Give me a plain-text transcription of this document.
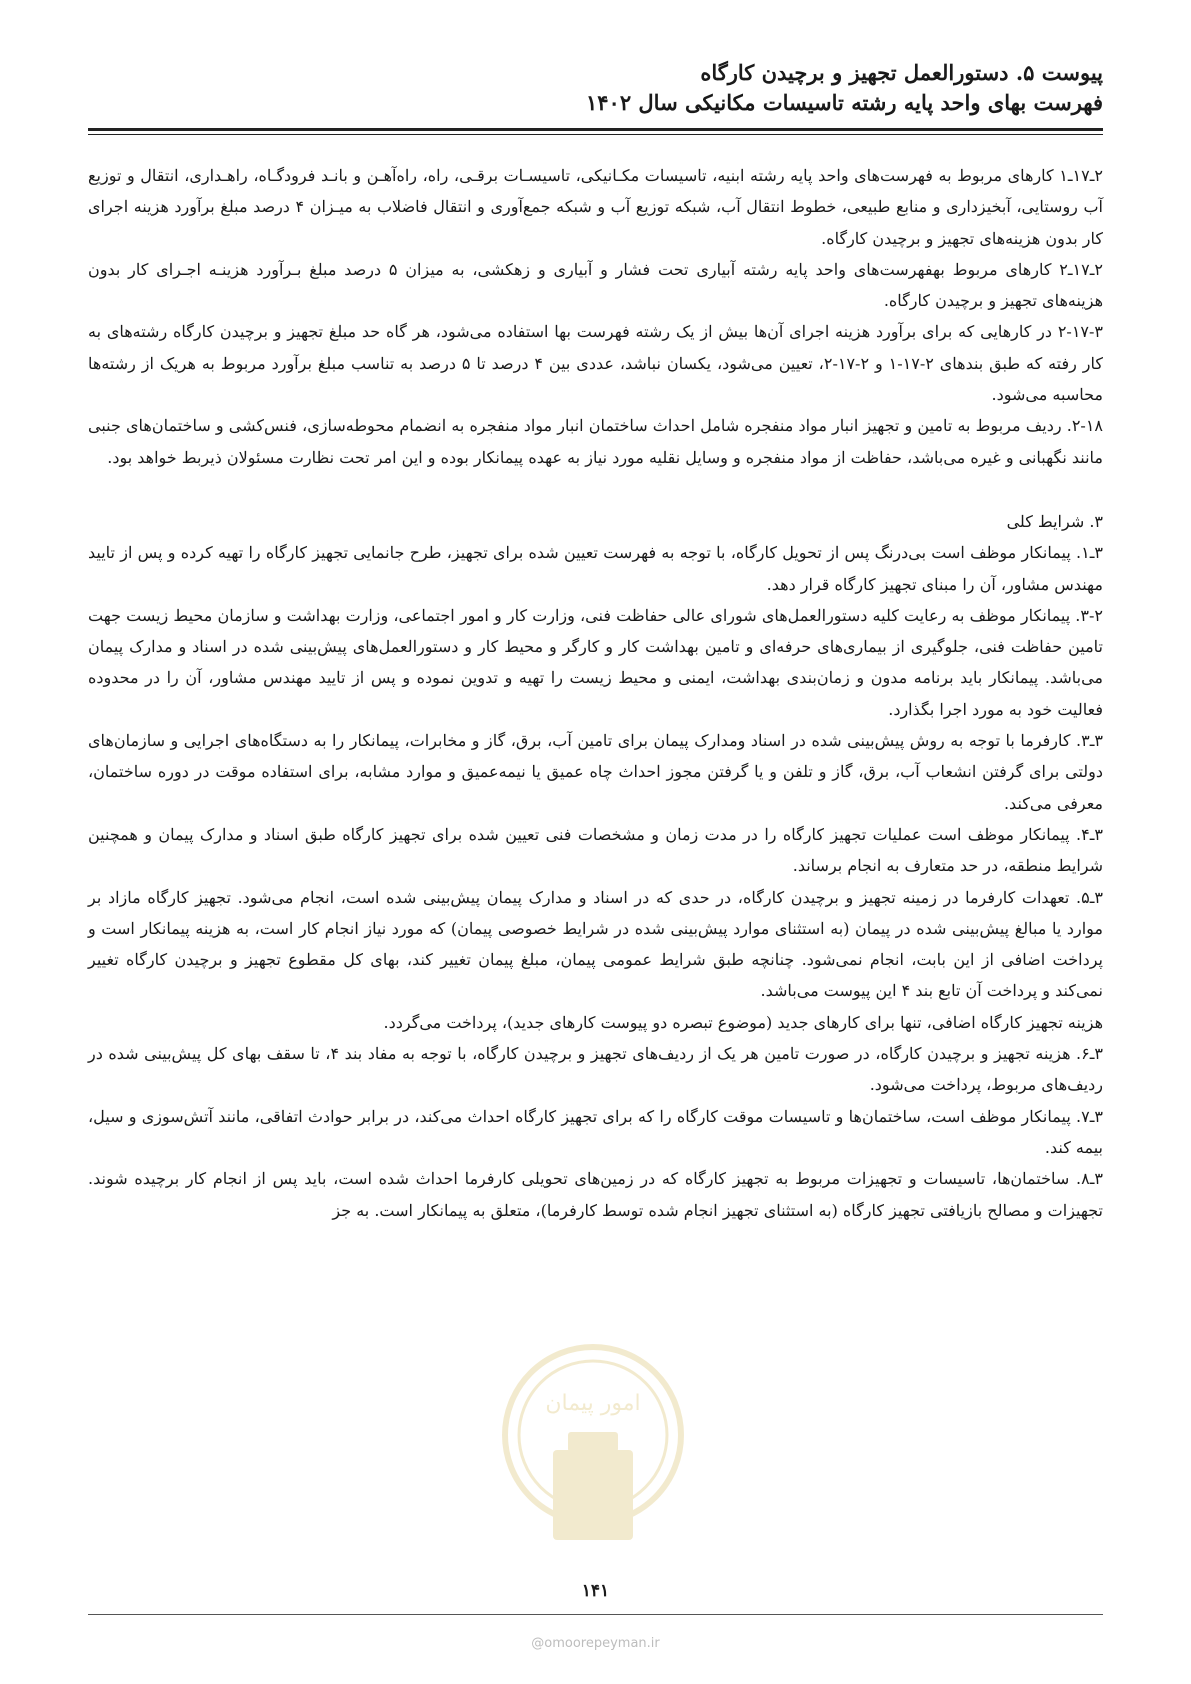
پیوست ۵. دستورالعمل تجهیز و برچیدن کارگاه
فهرست بهای واحد پایه رشته تاسیسات مکانیکی سال ۱۴۰۲

۲ـ۱۷ـ۱ کارهای مربوط به فهرست‌های واحد پایه رشته ابنیه، تاسیسات مکـانیکی، تاسیسـات برقـی، راه، راه‌آهـن و بانـد فرودگـاه، راهـداری، انتقال و توزیع آب روستایی، آبخیزداری و منابع طبیعی، خطوط انتقال آب، شبکه توزیع آب و شبکه جمع‌آوری و انتقال فاضلاب به میـزان ۴ درصد مبلغ برآورد هزینه اجرای کار بدون هزینه‌های تجهیز و برچیدن کارگاه.

۲ـ۱۷ـ۲ کارهای مربوط بهفهرست‌های واحد پایه رشته آبیاری تحت فشار و آبیاری و زهکشی، به میزان ۵ درصد مبلغ بـرآورد هزینـه اجـرای کار بدون هزینه‌های تجهیز و برچیدن کارگاه.

۲-۱۷-۳ در کارهایی که برای برآورد هزینه اجرای آن‌ها بیش از یک رشته فهرست بها استفاده می‌شود، هر گاه حد مبلغ تجهیز و برچیدن کارگاه رشته‌های به کار رفته که طبق بندهای ۲-۱۷-۱ و ۲-۱۷-۲، تعیین می‌شود، یکسان نباشد، عددی بین ۴ درصد تا ۵ درصد به تناسب مبلغ برآورد مربوط به هریک از رشته‌ها محاسبه می‌شود.

۲-۱۸. ردیف مربوط به تامین و تجهیز انبار مواد منفجره شامل احداث ساختمان انبار مواد منفجره به انضمام محوطه‌سازی، فنس‌کشی و ساختمان‌های جنبی مانند نگهبانی و غیره می‌باشد، حفاظت از مواد منفجره و وسایل نقلیه مورد نیاز به عهده پیمانکار بوده و این امر تحت نظارت مسئولان ذیربط خواهد بود.

۳. شرایط کلی

۳ـ۱. پیمانکار موظف است بی‌درنگ پس از تحویل کارگاه، با توجه به فهرست تعیین شده برای تجهیز، طرح جانمایی تجهیز کارگاه را تهیه کرده و پس از تایید مهندس مشاور، آن را مبنای تجهیز کارگاه قرار دهد.

۳-۲. پیمانکار موظف به رعایت کلیه دستورالعمل‌های شورای عالی حفاظت فنی، وزارت کار و امور اجتماعی، وزارت بهداشت و سازمان محیط زیست جهت تامین حفاظت فنی، جلوگیری از بیماری‌های حرفه‌ای و تامین بهداشت کار و کارگر و محیط کار و دستورالعمل‌های پیش‌بینی شده در اسناد و مدارک پیمان می‌باشد. پیمانکار باید برنامه مدون و زمان‌بندی بهداشت، ایمنی و محیط زیست را تهیه و تدوین نموده و پس از تایید مهندس مشاور، آن را در محدوده فعالیت خود به مورد اجرا بگذارد.

۳ـ۳. کارفرما با توجه به روش پیش‌بینی شده در اسناد ومدارک پیمان برای تامین آب، برق، گاز و مخابرات، پیمانکار را به دستگاه‌های اجرایی و سازمان‌های دولتی برای گرفتن انشعاب آب، برق، گاز و تلفن و یا گرفتن مجوز احداث چاه عمیق یا نیمه‌عمیق و موارد مشابه، برای استفاده موقت در دوره ساختمان، معرفی می‌کند.

۳ـ۴. پیمانکار موظف است عملیات تجهیز کارگاه را در مدت زمان و مشخصات فنی تعیین شده برای تجهیز کارگاه طبق اسناد و مدارک پیمان و همچنین شرایط منطقه، در حد متعارف به انجام برساند.

۳ـ۵. تعهدات کارفرما در زمینه تجهیز و برچیدن کارگاه، در حدی که در اسناد و مدارک پیمان پیش‌بینی شده است، انجام می‌شود. تجهیز کارگاه مازاد بر موارد یا مبالغ پیش‌بینی شده در پیمان (به استثنای موارد پیش‌بینی شده در شرایط خصوصی پیمان) که مورد نیاز انجام کار است، به هزینه پیمانکار است و پرداخت اضافی از این بابت، انجام نمی‌شود. چنانچه طبق شرایط عمومی پیمان، مبلغ پیمان تغییر کند، بهای کل مقطوع تجهیز و برچیدن کارگاه تغییر نمی‌کند و پرداخت آن تابع بند ۴ این پیوست می‌باشد.

هزینه تجهیز کارگاه اضافی، تنها برای کارهای جدید (موضوع تبصره دو پیوست کارهای جدید)، پرداخت می‌گردد.

۳ـ۶. هزینه تجهیز و برچیدن کارگاه، در صورت تامین هر یک از ردیف‌های تجهیز و برچیدن کارگاه، با توجه به مفاد بند ۴، تا سقف بهای کل پیش‌بینی شده در ردیف‌های مربوط، پرداخت می‌شود.

۳ـ۷. پیمانکار موظف است، ساختمان‌ها و تاسیسات موقت کارگاه را که برای تجهیز کارگاه احداث می‌کند، در برابر حوادث اتفاقی، مانند آتش‌سوزی و سیل، بیمه کند.

۳ـ۸. ساختمان‌ها، تاسیسات و تجهیزات مربوط به تجهیز کارگاه که در زمین‌های تحویلی کارفرما احداث شده است، باید پس از انجام کار برچیده شوند. تجهیزات و مصالح بازیافتی تجهیز کارگاه (به استثنای تجهیز انجام شده توسط کارفرما)، متعلق به پیمانکار است. به جز

امور پیمان
۱۴۱
@omoorepeyman.ir
